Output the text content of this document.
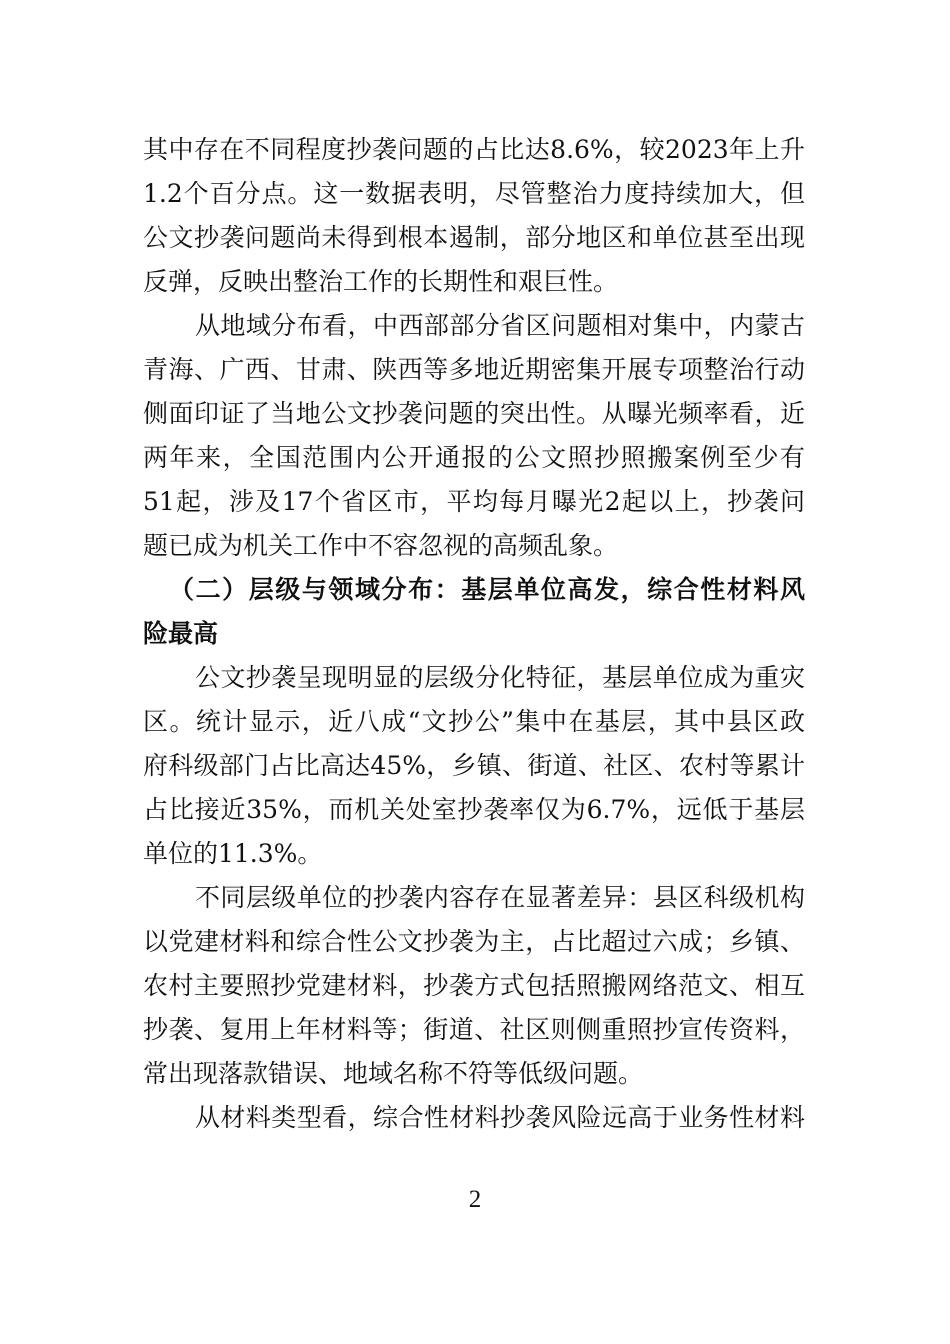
其中存在不同程度抄袭问题的占比达8.6%，较2023年上升
1.2个百分点。这一数据表明，尽管整治力度持续加大，但
公文抄袭问题尚未得到根本遏制，部分地区和单位甚至出现
反弹，反映出整治工作的长期性和艰巨性。
从地域分布看，中西部部分省区问题相对集中，内蒙古
青海、广西、甘肃、陕西等多地近期密集开展专项整治行动
侧面印证了当地公文抄袭问题的突出性。从曝光频率看，近
两年来，全国范围内公开通报的公文照抄照搬案例至少有
51起，涉及17个省区市，平均每月曝光2起以上，抄袭问
题已成为机关工作中不容忽视的高频乱象。
（二）层级与领域分布：基层单位高发，综合性材料风
险最高
公文抄袭呈现明显的层级分化特征，基层单位成为重灾
区。统计显示，近八成“文抄公”集中在基层，其中县区政
府科级部门占比高达45%，乡镇、街道、社区、农村等累计
占比接近35%，而机关处室抄袭率仅为6.7%，远低于基层
单位的11.3%。
不同层级单位的抄袭内容存在显著差异：县区科级机构
以党建材料和综合性公文抄袭为主，占比超过六成；乡镇、
农村主要照抄党建材料，抄袭方式包括照搬网络范文、相互
抄袭、复用上年材料等；街道、社区则侧重照抄宣传资料，
常出现落款错误、地域名称不符等低级问题。
从材料类型看，综合性材料抄袭风险远高于业务性材料
2
